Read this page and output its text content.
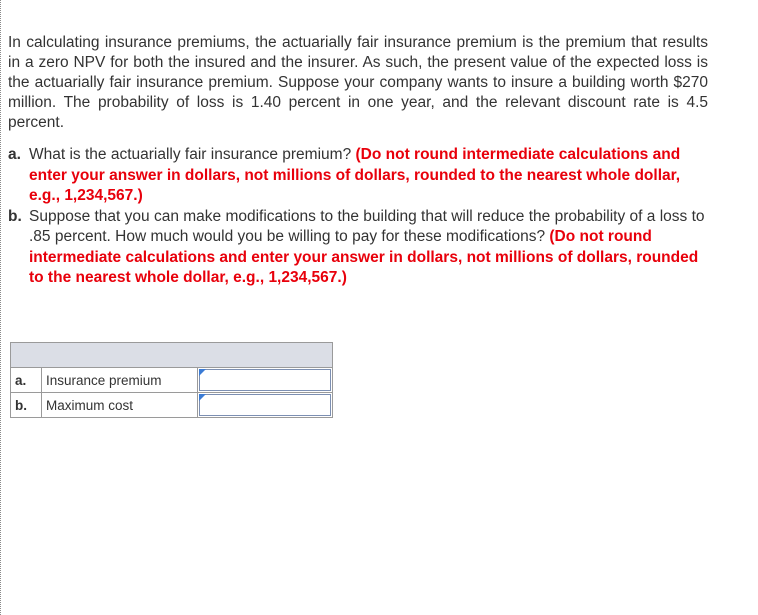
In calculating insurance premiums, the actuarially fair insurance premium is the premium that results in a zero NPV for both the insured and the insurer. As such, the present value of the expected loss is the actuarially fair insurance premium. Suppose your company wants to insure a building worth $270 million. The probability of loss is 1.40 percent in one year, and the relevant discount rate is 4.5 percent.

a. What is the actuarially fair insurance premium? (Do not round intermediate calculations and enter your answer in dollars, not millions of dollars, rounded to the nearest whole dollar, e.g., 1,234,567.)
b. Suppose that you can make modifications to the building that will reduce the probability of a loss to .85 percent. How much would you be willing to pay for these modifications? (Do not round intermediate calculations and enter your answer in dollars, not millions of dollars, rounded to the nearest whole dollar, e.g., 1,234,567.)

a.	Insurance premium	

b.	Maximum cost	
